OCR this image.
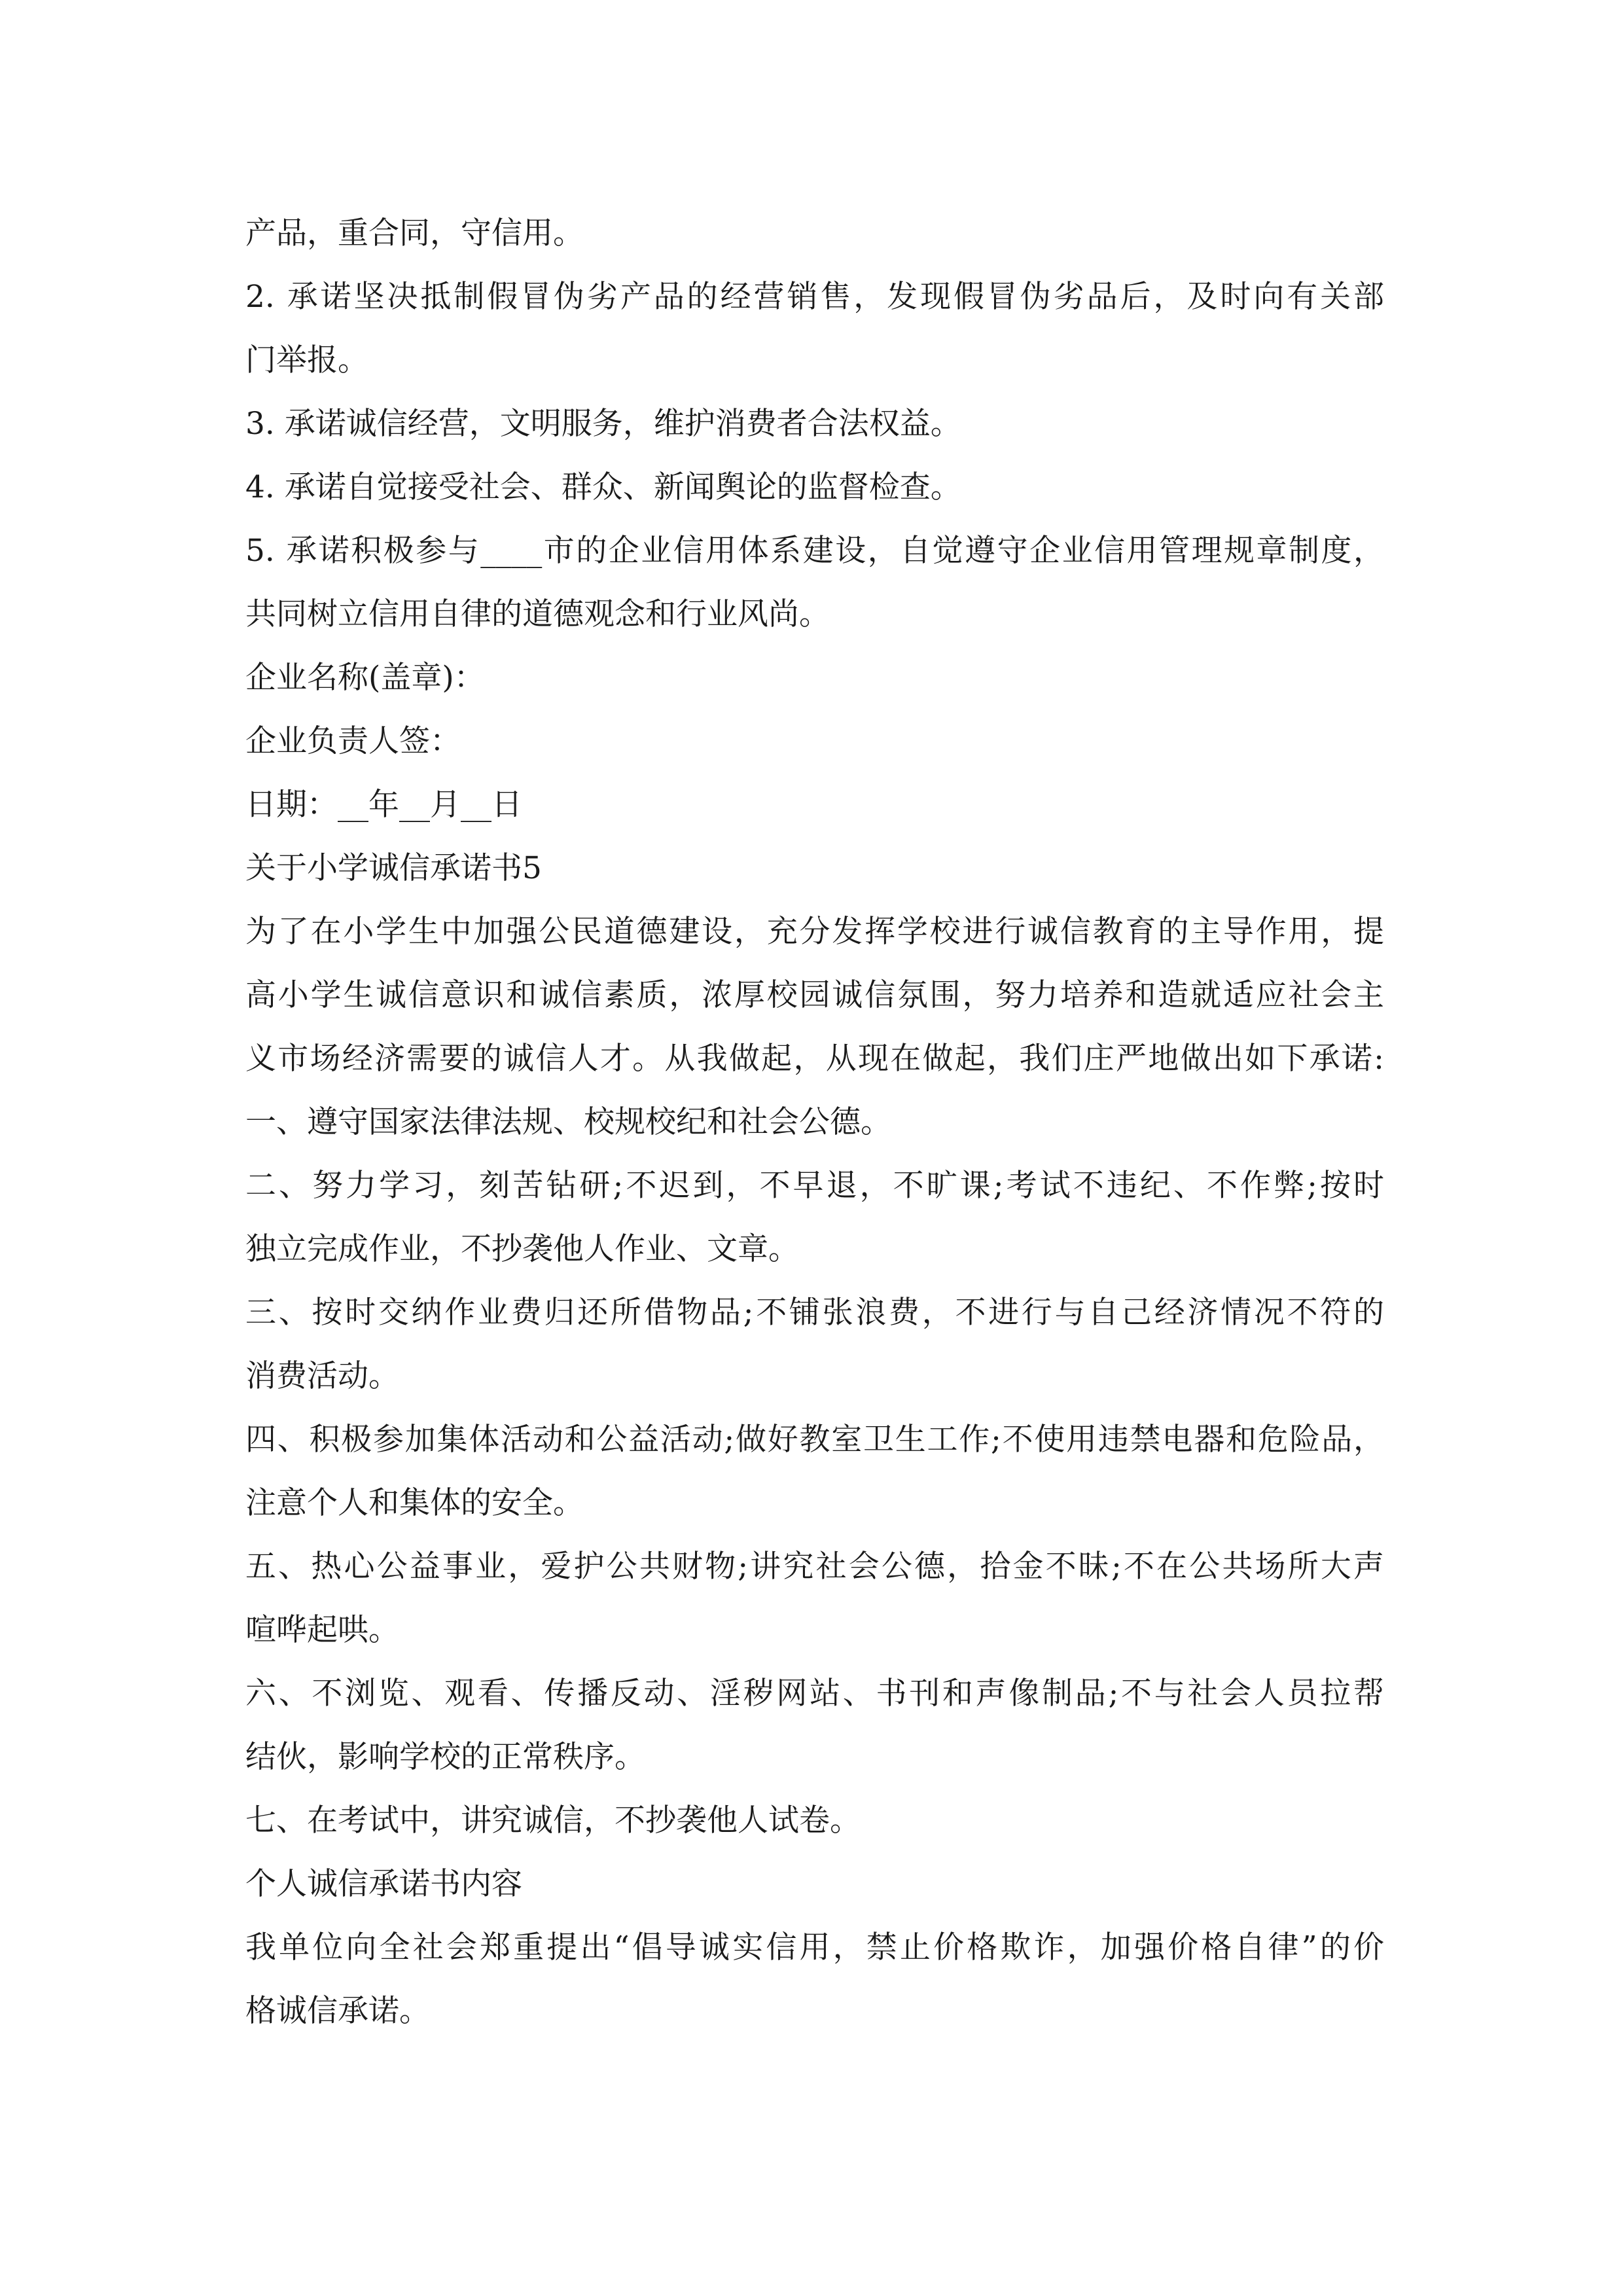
产品，重合同，守信用。
2. 承诺坚决抵制假冒伪劣产品的经营销售，发现假冒伪劣品后，及时向有关部
门举报。
3. 承诺诚信经营，文明服务，维护消费者合法权益。
4. 承诺自觉接受社会、群众、新闻舆论的监督检查。
5. 承诺积极参与____市的企业信用体系建设，自觉遵守企业信用管理规章制度，
共同树立信用自律的道德观念和行业风尚。
企业名称(盖章)：
企业负责人签：
日期：__年__月__日
关于小学诚信承诺书5
为了在小学生中加强公民道德建设，充分发挥学校进行诚信教育的主导作用，提
高小学生诚信意识和诚信素质，浓厚校园诚信氛围，努力培养和造就适应社会主
义市场经济需要的诚信人才。从我做起，从现在做起，我们庄严地做出如下承诺:
一、遵守国家法律法规、校规校纪和社会公德。
二、努力学习，刻苦钻研;不迟到，不早退，不旷课;考试不违纪、不作弊;按时
独立完成作业，不抄袭他人作业、文章。
三、按时交纳作业费归还所借物品;不铺张浪费，不进行与自己经济情况不符的
消费活动。
四、积极参加集体活动和公益活动;做好教室卫生工作;不使用违禁电器和危险品，
注意个人和集体的安全。
五、热心公益事业，爱护公共财物;讲究社会公德，拾金不昧;不在公共场所大声
喧哗起哄。
六、不浏览、观看、传播反动、淫秽网站、书刊和声像制品;不与社会人员拉帮
结伙，影响学校的正常秩序。
七、在考试中，讲究诚信，不抄袭他人试卷。
个人诚信承诺书内容
我单位向全社会郑重提出“倡导诚实信用，禁止价格欺诈，加强价格自律”的价
格诚信承诺。
